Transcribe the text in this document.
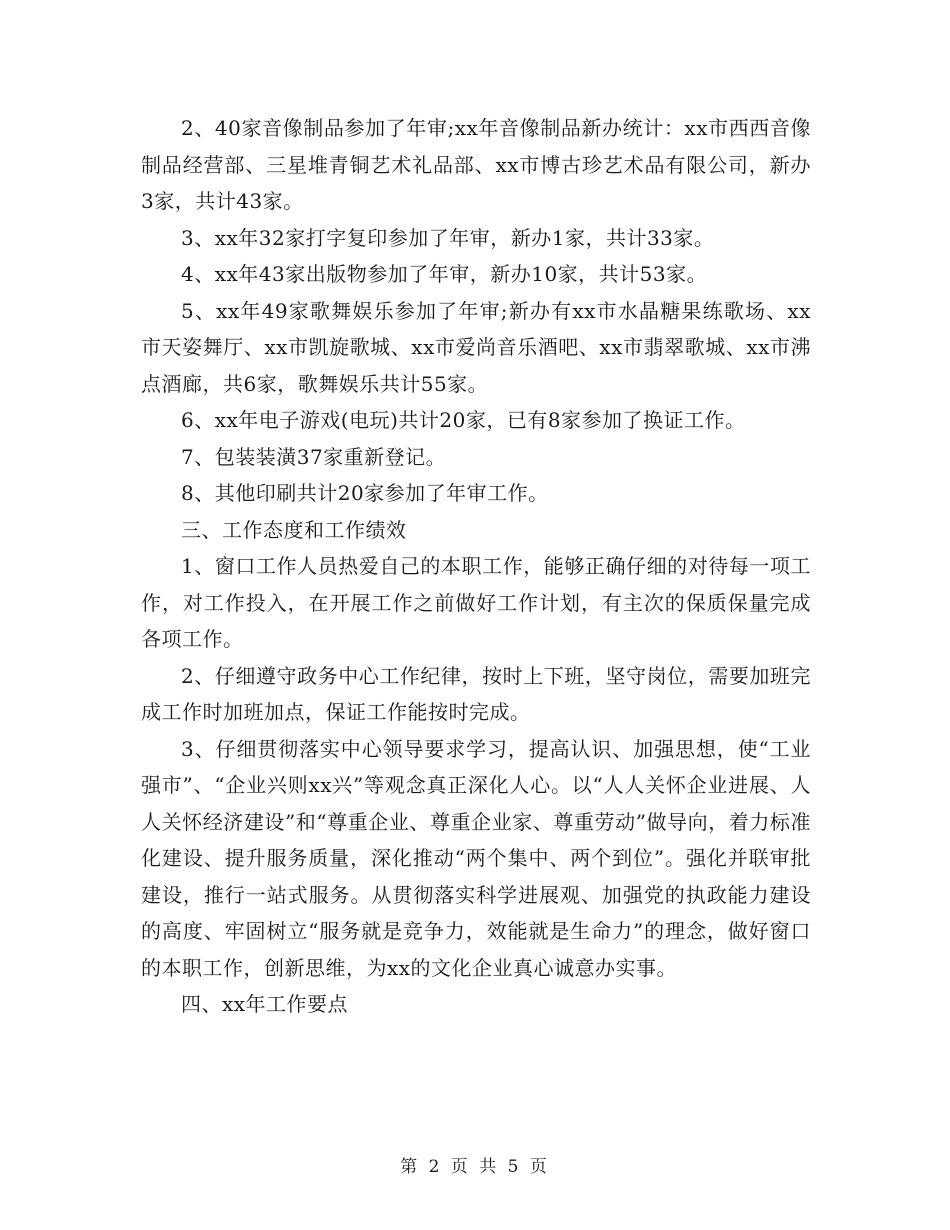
2、40家音像制品参加了年审;xx年音像制品新办统计：xx市西西音像制品经营部、三星堆青铜艺术礼品部、xx市博古珍艺术品有限公司，新办3家，共计43家。

3、xx年32家打字复印参加了年审，新办1家，共计33家。

4、xx年43家出版物参加了年审，新办10家，共计53家。

5、xx年49家歌舞娱乐参加了年审;新办有xx市水晶糖果练歌场、xx市天姿舞厅、xx市凯旋歌城、xx市爱尚音乐酒吧、xx市翡翠歌城、xx市沸点酒廊，共6家，歌舞娱乐共计55家。

6、xx年电子游戏(电玩)共计20家，已有8家参加了换证工作。

7、包装装潢37家重新登记。

8、其他印刷共计20家参加了年审工作。

三、工作态度和工作绩效

1、窗口工作人员热爱自己的本职工作，能够正确仔细的对待每一项工作，对工作投入，在开展工作之前做好工作计划，有主次的保质保量完成各项工作。

2、仔细遵守政务中心工作纪律，按时上下班，坚守岗位，需要加班完成工作时加班加点，保证工作能按时完成。

3、仔细贯彻落实中心领导要求学习，提高认识、加强思想，使“工业强市”、“企业兴则xx兴”等观念真正深化人心。以“人人关怀企业进展、人人关怀经济建设”和“尊重企业、尊重企业家、尊重劳动”做导向，着力标准化建设、提升服务质量，深化推动“两个集中、两个到位”。强化并联审批建设，推行一站式服务。从贯彻落实科学进展观、加强党的执政能力建设的高度、牢固树立“服务就是竞争力，效能就是生命力”的理念，做好窗口的本职工作，创新思维，为xx的文化企业真心诚意办实事。

四、xx年工作要点

第 2 页 共 5 页
